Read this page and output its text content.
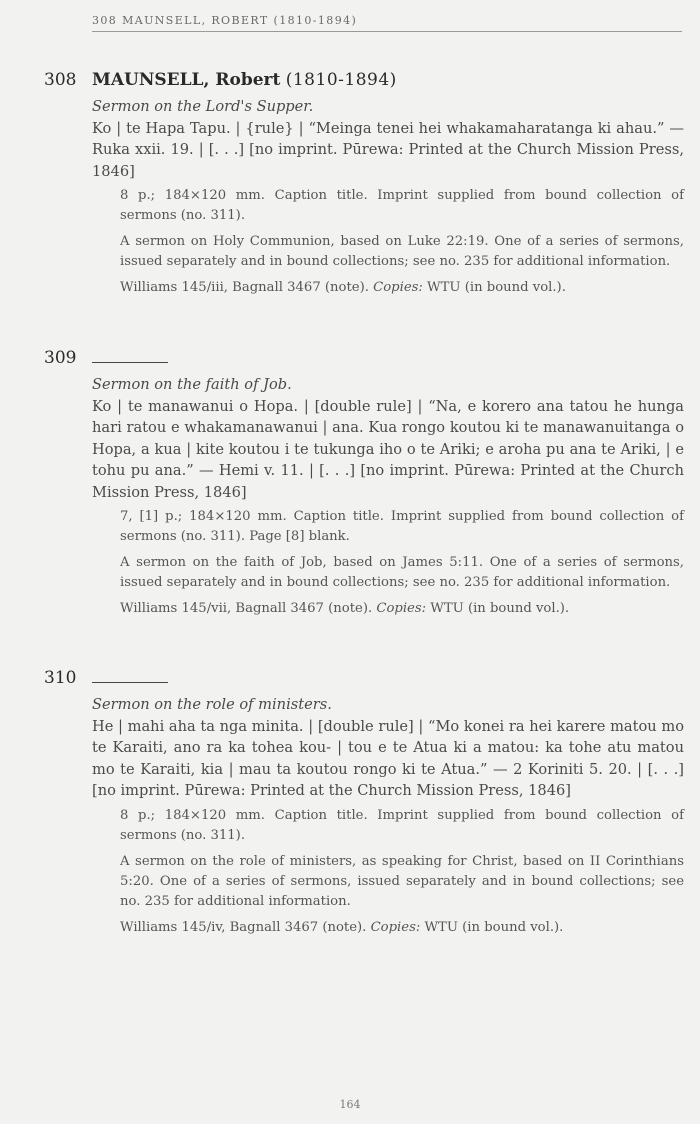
308 MAUNSELL, ROBERT (1810-1894)
308 MAUNSELL, Robert (1810-1894)
Sermon on the Lord's Supper.
Ko | te Hapa Tapu. | {rule} | “Meinga tenei hei whakamaharatanga ki ahau.” — Ruka xxii. 19. | [. . .] [no imprint. Pūrewa: Printed at the Church Mission Press, 1846]
8 p.; 184×120 mm. Caption title. Imprint supplied from bound collection of sermons (no. 311).
A sermon on Holy Communion, based on Luke 22:19. One of a series of sermons, issued separately and in bound collections; see no. 235 for additional information.
Williams 145/iii, Bagnall 3467 (note). Copies: WTU (in bound vol.).
309
Sermon on the faith of Job.
Ko | te manawanui o Hopa. | [double rule] | “Na, e korero ana tatou he hunga hari ratou e whakamanawanui | ana. Kua rongo koutou ki te manawanuitanga o Hopa, a kua | kite koutou i te tukunga iho o te Ariki; e aroha pu ana te Ariki, | e tohu pu ana.” — Hemi v. 11. | [. . .] [no imprint. Pūrewa: Printed at the Church Mission Press, 1846]
7, [1] p.; 184×120 mm. Caption title. Imprint supplied from bound collection of sermons (no. 311). Page [8] blank.
A sermon on the faith of Job, based on James 5:11. One of a series of sermons, issued separately and in bound collections; see no. 235 for additional information.
Williams 145/vii, Bagnall 3467 (note). Copies: WTU (in bound vol.).
310
Sermon on the role of ministers.
He | mahi aha ta nga minita. | [double rule] | “Mo konei ra hei karere matou mo te Karaiti, ano ra ka tohea kou- | tou e te Atua ki a matou: ka tohe atu matou mo te Karaiti, kia | mau ta koutou rongo ki te Atua.” — 2 Koriniti 5. 20. | [. . .] [no imprint. Pūrewa: Printed at the Church Mission Press, 1846]
8 p.; 184×120 mm. Caption title. Imprint supplied from bound collection of sermons (no. 311).
A sermon on the role of ministers, as speaking for Christ, based on II Corinthians 5:20. One of a series of sermons, issued separately and in bound collections; see no. 235 for additional information.
Williams 145/iv, Bagnall 3467 (note). Copies: WTU (in bound vol.).
164
